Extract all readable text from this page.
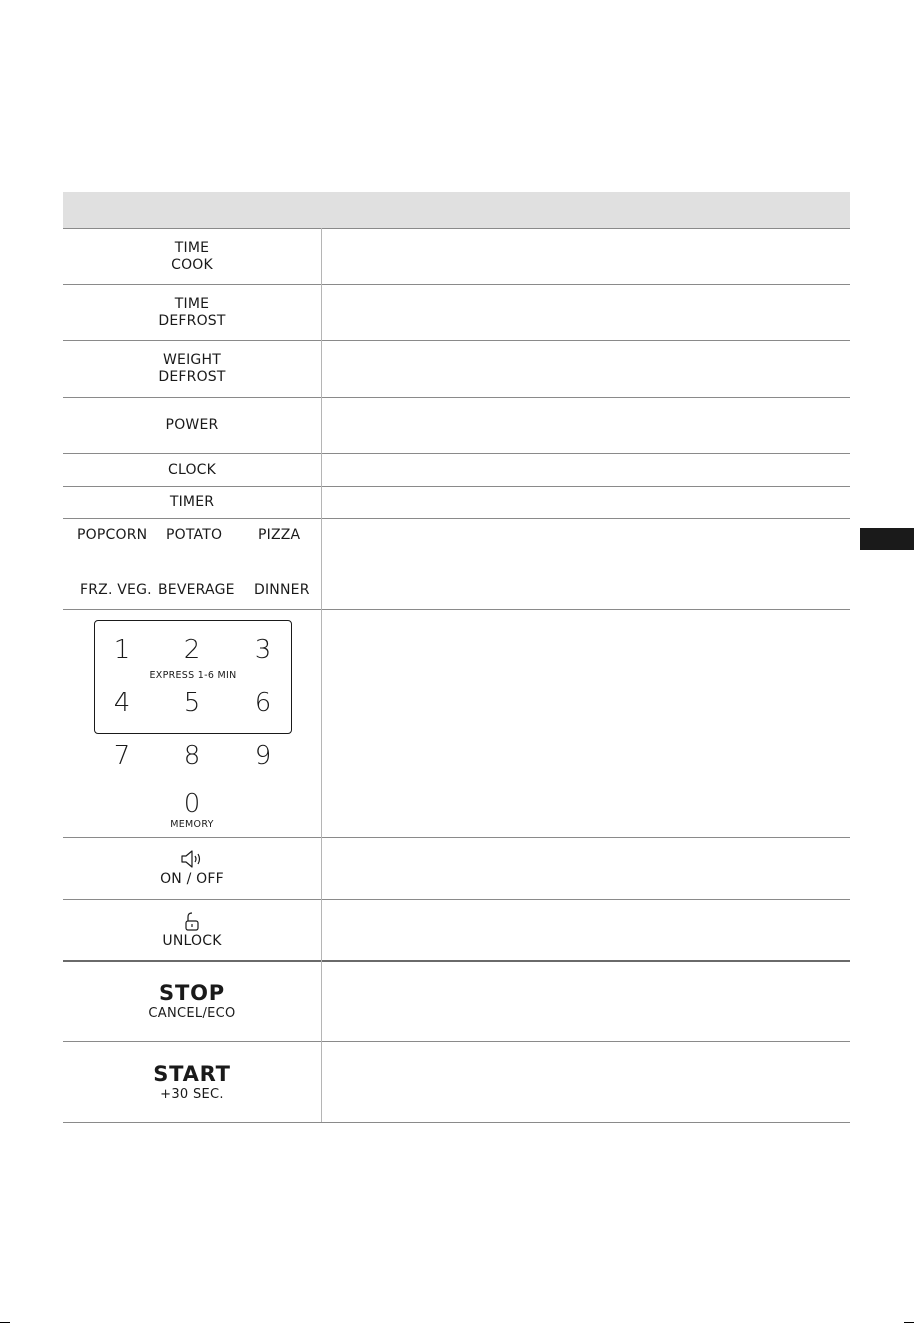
TIME
COOK
TIME
DEFROST
WEIGHT
DEFROST
POWER
CLOCK
TIMER
POPCORN POTATO	PIZZA
FRZ. VEG. BEVERAGE DINNER
1	2	3
EXPRESS 1-6 MIN
4	5	6
7	8	9
0
MEMORY
ON / OFF
UNLOCK
STOP
CANCEL/ECO
START
+30 SEC.
